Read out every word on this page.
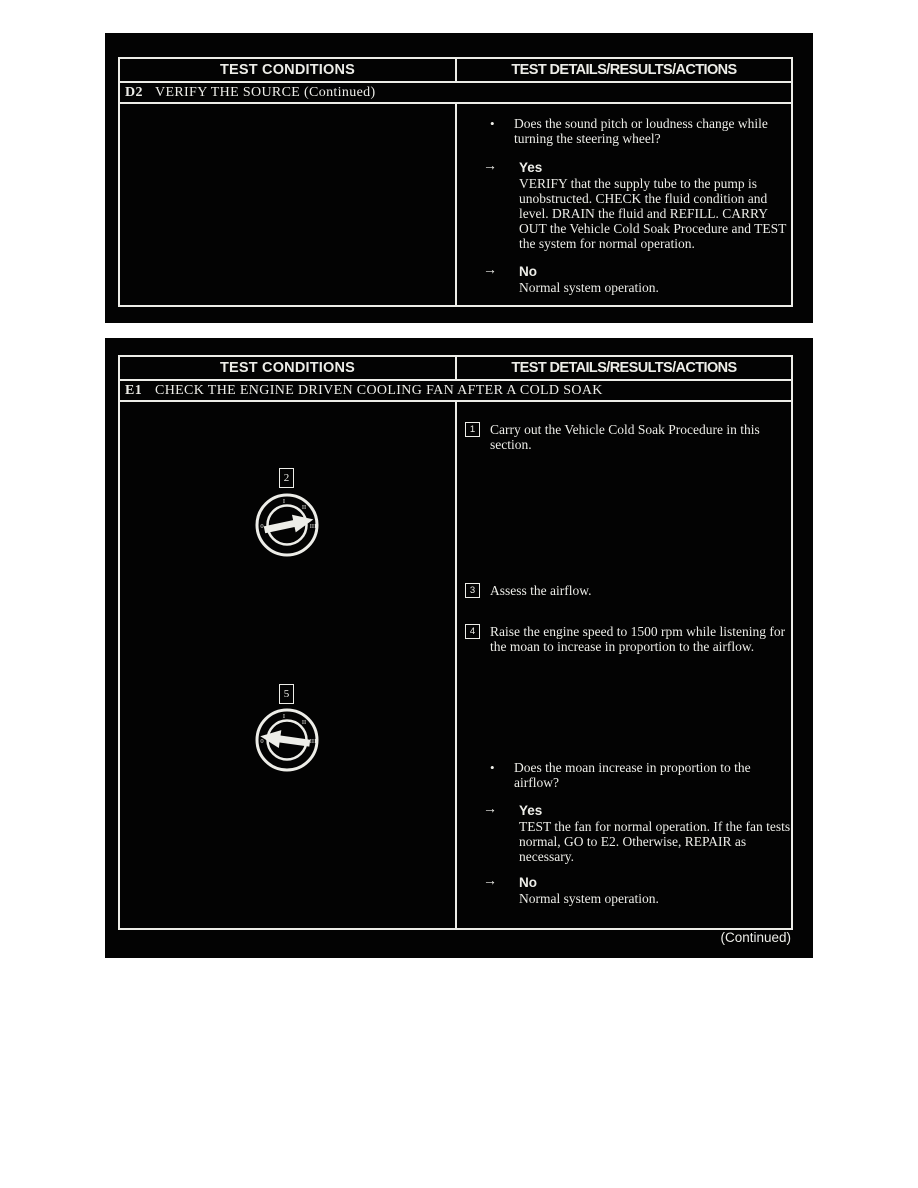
TEST CONDITIONS	TEST DETAILS/RESULTS/ACTIONS
D2 VERIFY THE SOURCE (Continued)
•	Does the sound pitch or loudness change while turning the steering wheel?
→	Yes
VERIFY that the supply tube to the pump is unobstructed. CHECK the fluid condition and level. DRAIN the fluid and REFILL. CARRY OUT the Vehicle Cold Soak Procedure and TEST the system for normal operation.
→	No
Normal system operation.
TEST CONDITIONS	TEST DETAILS/RESULTS/ACTIONS
E1 CHECK THE ENGINE DRIVEN COOLING FAN AFTER A COLD SOAK
2
0
I
II
III
5
0
I
II
III
1	Carry out the Vehicle Cold Soak Procedure in this section.
3	Assess the airflow.
4	Raise the engine speed to 1500 rpm while listening for the moan to increase in proportion to the airflow.
•	Does the moan increase in proportion to the airflow?
→	Yes
TEST the fan for normal operation. If the fan tests normal, GO to E2. Otherwise, REPAIR as necessary.
→	No
Normal system operation.
(Continued)
